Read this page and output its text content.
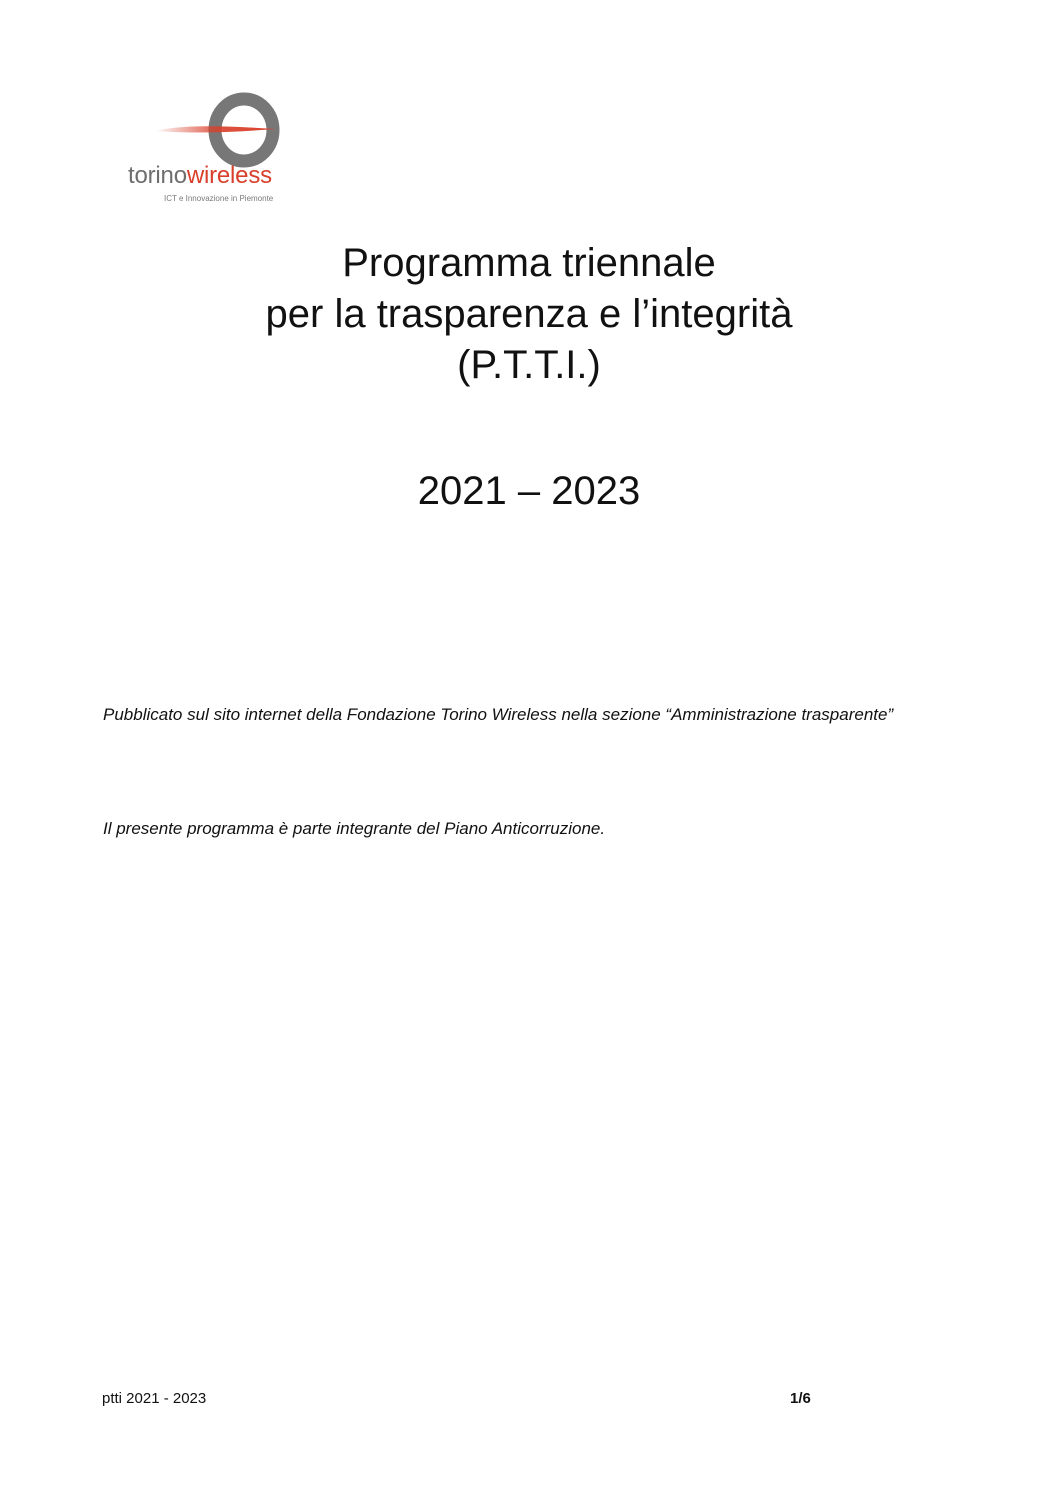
torinowireless
ICT e Innovazione in Piemonte
Programma triennale
per la trasparenza e l’integrità
(P.T.T.I.)
2021 – 2023

Pubblicato sul sito internet della Fondazione Torino Wireless nella sezione “Amministrazione trasparente”

Il presente programma è parte integrante del Piano Anticorruzione.

ptti 2021 - 2023	1/6
